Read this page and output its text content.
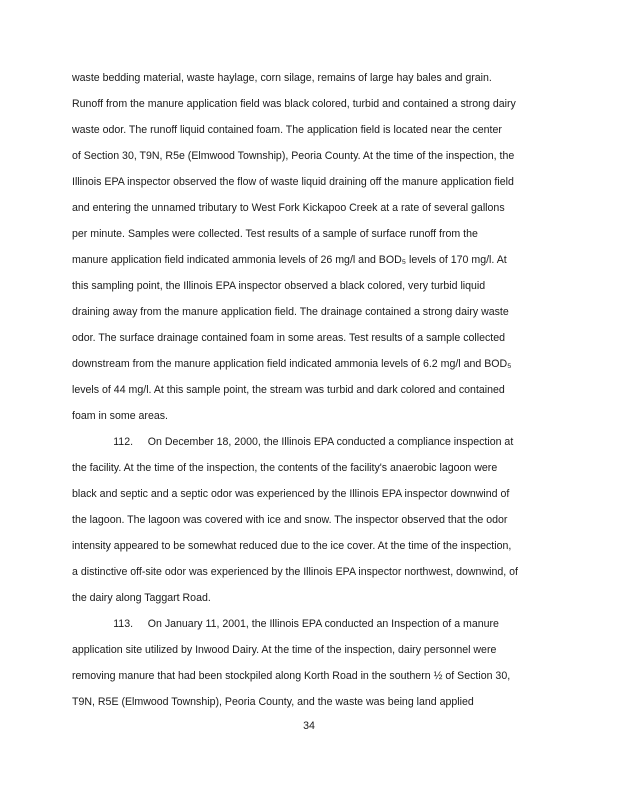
waste bedding material, waste haylage, corn silage, remains of large hay bales and grain.
Runoff from the manure application field was black colored, turbid and contained a strong dairy
waste odor. The runoff liquid contained foam. The application field is located near the center
of Section 30, T9N, R5e (Elmwood Township), Peoria County. At the time of the inspection, the
Illinois EPA inspector observed the flow of waste liquid draining off the manure application field
and entering the unnamed tributary to West Fork Kickapoo Creek at a rate of several gallons
per minute. Samples were collected. Test results of a sample of surface runoff from the
manure application field indicated ammonia levels of 26 mg/l and BOD₅ levels of 170 mg/l. At
this sampling point, the Illinois EPA inspector observed a black colored, very turbid liquid
draining away from the manure application field. The drainage contained a strong dairy waste
odor. The surface drainage contained foam in some areas. Test results of a sample collected
downstream from the manure application field indicated ammonia levels of 6.2 mg/l and BOD₅
levels of 44 mg/l. At this sample point, the stream was turbid and dark colored and contained
foam in some areas.
112.     On December 18, 2000, the Illinois EPA conducted a compliance inspection at
the facility. At the time of the inspection, the contents of the facility's anaerobic lagoon were
black and septic and a septic odor was experienced by the Illinois EPA inspector downwind of
the lagoon. The lagoon was covered with ice and snow. The inspector observed that the odor
intensity appeared to be somewhat reduced due to the ice cover. At the time of the inspection,
a distinctive off-site odor was experienced by the Illinois EPA inspector northwest, downwind, of
the dairy along Taggart Road.
113.     On January 11, 2001, the Illinois EPA conducted an Inspection of a manure
application site utilized by Inwood Dairy. At the time of the inspection, dairy personnel were
removing manure that had been stockpiled along Korth Road in the southern ½ of Section 30,
T9N, R5E (Elmwood Township), Peoria County, and the waste was being land applied
34
